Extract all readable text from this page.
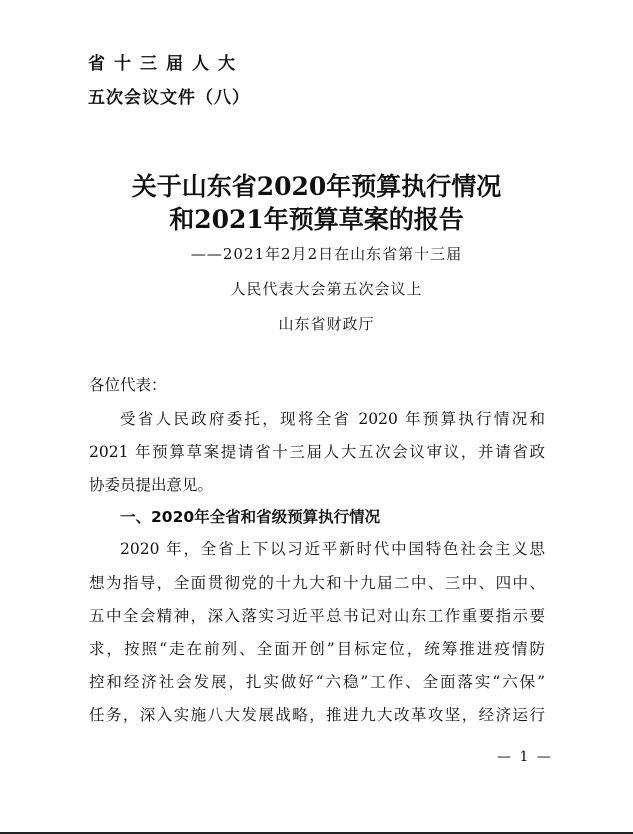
省十三届人大
五次会议文件（八）
关于山东省2020年预算执行情况
和2021年预算草案的报告
——2021年2月2日在山东省第十三届
人民代表大会第五次会议上
山东省财政厅
各位代表：
受省人民政府委托，现将全省 2020 年预算执行情况和
2021 年预算草案提请省十三届人大五次会议审议，并请省政
协委员提出意见。
一、2020年全省和省级预算执行情况
2020 年，全省上下以习近平新时代中国特色社会主义思
想为指导，全面贯彻党的十九大和十九届二中、三中、四中、
五中全会精神，深入落实习近平总书记对山东工作重要指示要
求，按照“走在前列、全面开创”目标定位，统筹推进疫情防
控和经济社会发展，扎实做好“六稳”工作、全面落实“六保”
任务，深入实施八大发展战略，推进九大改革攻坚，经济运行
— 1 —
